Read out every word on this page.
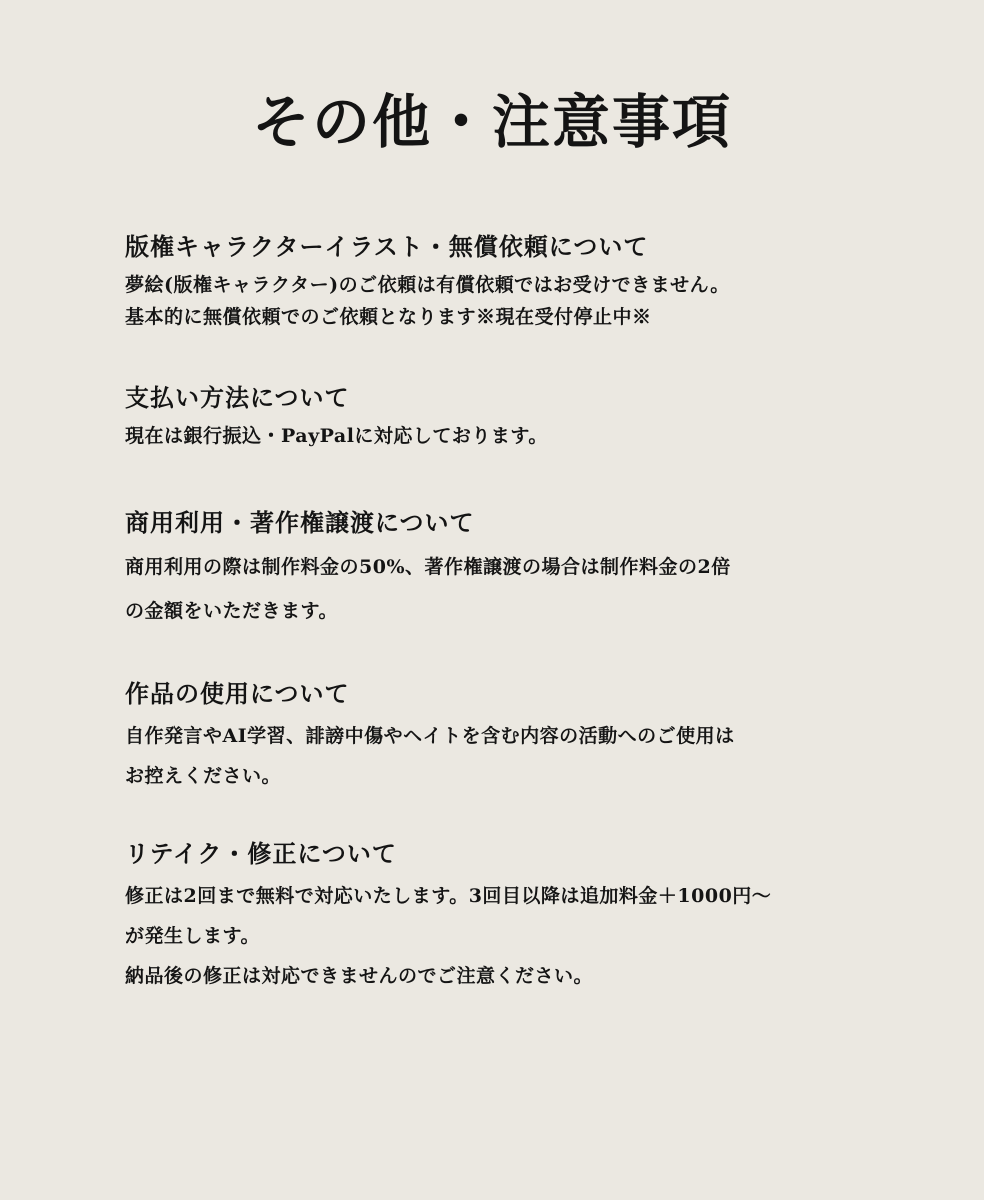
その他・注意事項
版権キャラクターイラスト・無償依頼について
夢絵(版権キャラクター)のご依頼は有償依頼ではお受けできません。
基本的に無償依頼でのご依頼となります※現在受付停止中※
支払い方法について
現在は銀行振込・PayPalに対応しております。
商用利用・著作権譲渡について
商用利用の際は制作料金の50%、著作権譲渡の場合は制作料金の2倍
の金額をいただきます。
作品の使用について
自作発言やAI学習、誹謗中傷やヘイトを含む内容の活動へのご使用は
お控えください。
リテイク・修正について
修正は2回まで無料で対応いたします。3回目以降は追加料金＋1000円〜
が発生します。
納品後の修正は対応できませんのでご注意ください。
